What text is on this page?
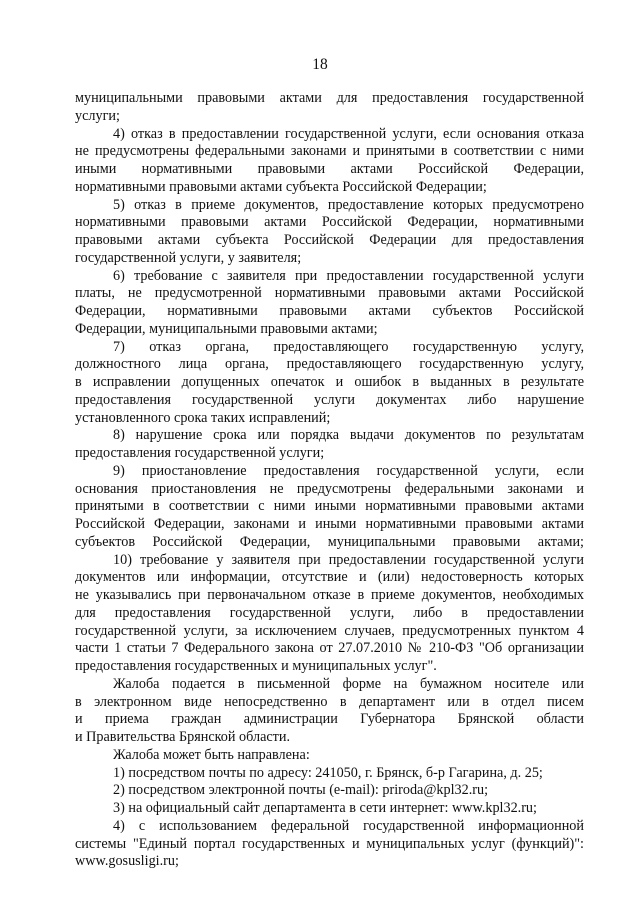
18
муниципальными правовыми актами для предоставления государственной
услуги;
4) отказ в предоставлении государственной услуги, если основания отказа
не предусмотрены федеральными законами и принятыми в соответствии с ними
иными нормативными правовыми актами Российской Федерации,
нормативными правовыми актами субъекта Российской Федерации;
5) отказ в приеме документов, предоставление которых предусмотрено
нормативными правовыми актами Российской Федерации, нормативными
правовыми актами субъекта Российской Федерации для предоставления
государственной услуги, у заявителя;
6) требование с заявителя при предоставлении государственной услуги
платы, не предусмотренной нормативными правовыми актами Российской
Федерации, нормативными правовыми актами субъектов Российской
Федерации, муниципальными правовыми актами;
7) отказ органа, предоставляющего государственную услугу,
должностного лица органа, предоставляющего государственную услугу,
в исправлении допущенных опечаток и ошибок в выданных в результате
предоставления государственной услуги документах либо нарушение
установленного срока таких исправлений;
8) нарушение срока или порядка выдачи документов по результатам
предоставления государственной услуги;
9) приостановление предоставления государственной услуги, если
основания приостановления не предусмотрены федеральными законами и
принятыми в соответствии с ними иными нормативными правовыми актами
Российской Федерации, законами и иными нормативными правовыми актами
субъектов Российской Федерации, муниципальными правовыми актами;
10) требование у заявителя при предоставлении государственной услуги
документов или информации, отсутствие и (или) недостоверность которых
не указывались при первоначальном отказе в приеме документов, необходимых
для предоставления государственной услуги, либо в предоставлении
государственной услуги, за исключением случаев, предусмотренных пунктом 4
части 1 статьи 7 Федерального закона от 27.07.2010 № 210-ФЗ "Об организации
предоставления государственных и муниципальных услуг".
Жалоба подается в письменной форме на бумажном носителе или
в электронном виде непосредственно в департамент или в отдел писем
и приема граждан администрации Губернатора Брянской области
и Правительства Брянской области.
Жалоба может быть направлена:
1) посредством почты по адресу: 241050, г. Брянск, б-р Гагарина, д. 25;
2) посредством электронной почты (e-mail): priroda@kpl32.ru;
3) на официальный сайт департамента в сети интернет: www.kpl32.ru;
4) с использованием федеральной государственной информационной
системы "Единый портал государственных и муниципальных услуг (функций)":
www.gosusligi.ru;
